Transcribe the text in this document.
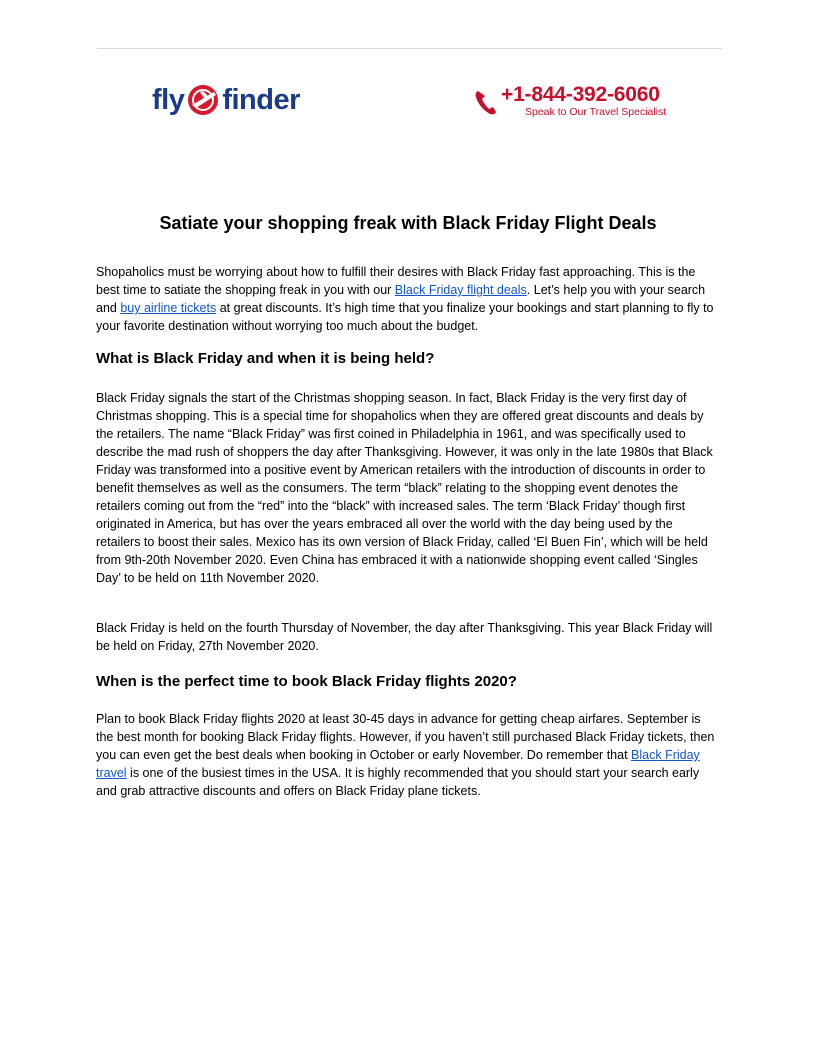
fly finder	+1-844-392-6060
Speak to Our Travel Specialist
Satiate your shopping freak with Black Friday Flight Deals

Shopaholics must be worrying about how to fulfill their desires with Black Friday fast approaching. This is the best time to satiate the shopping freak in you with our Black Friday flight deals. Let’s help you with your search and buy airline tickets at great discounts. It’s high time that you finalize your bookings and start planning to fly to your favorite destination without worrying too much about the budget.

What is Black Friday and when it is being held?

Black Friday signals the start of the Christmas shopping season. In fact, Black Friday is the very first day of Christmas shopping. This is a special time for shopaholics when they are offered great discounts and deals by the retailers. The name “Black Friday” was first coined in Philadelphia in 1961, and was specifically used to describe the mad rush of shoppers the day after Thanksgiving. However, it was only in the late 1980s that Black Friday was transformed into a positive event by American retailers with the introduction of discounts in order to benefit themselves as well as the consumers. The term “black” relating to the shopping event denotes the retailers coming out from the “red” into the “black” with increased sales. The term ‘Black Friday’ though first originated in America, but has over the years embraced all over the world with the day being used by the retailers to boost their sales. Mexico has its own version of Black Friday, called ‘El Buen Fin’, which will be held from 9th-20th November 2020. Even China has embraced it with a nationwide shopping event called ‘Singles Day’ to be held on 11th November 2020.

Black Friday is held on the fourth Thursday of November, the day after Thanksgiving. This year Black Friday will be held on Friday, 27th November 2020.

When is the perfect time to book Black Friday flights 2020?

Plan to book Black Friday flights 2020 at least 30-45 days in advance for getting cheap airfares. September is the best month for booking Black Friday flights. However, if you haven’t still purchased Black Friday tickets, then you can even get the best deals when booking in October or early November. Do remember that Black Friday travel is one of the busiest times in the USA. It is highly recommended that you should start your search early and grab attractive discounts and offers on Black Friday plane tickets.
